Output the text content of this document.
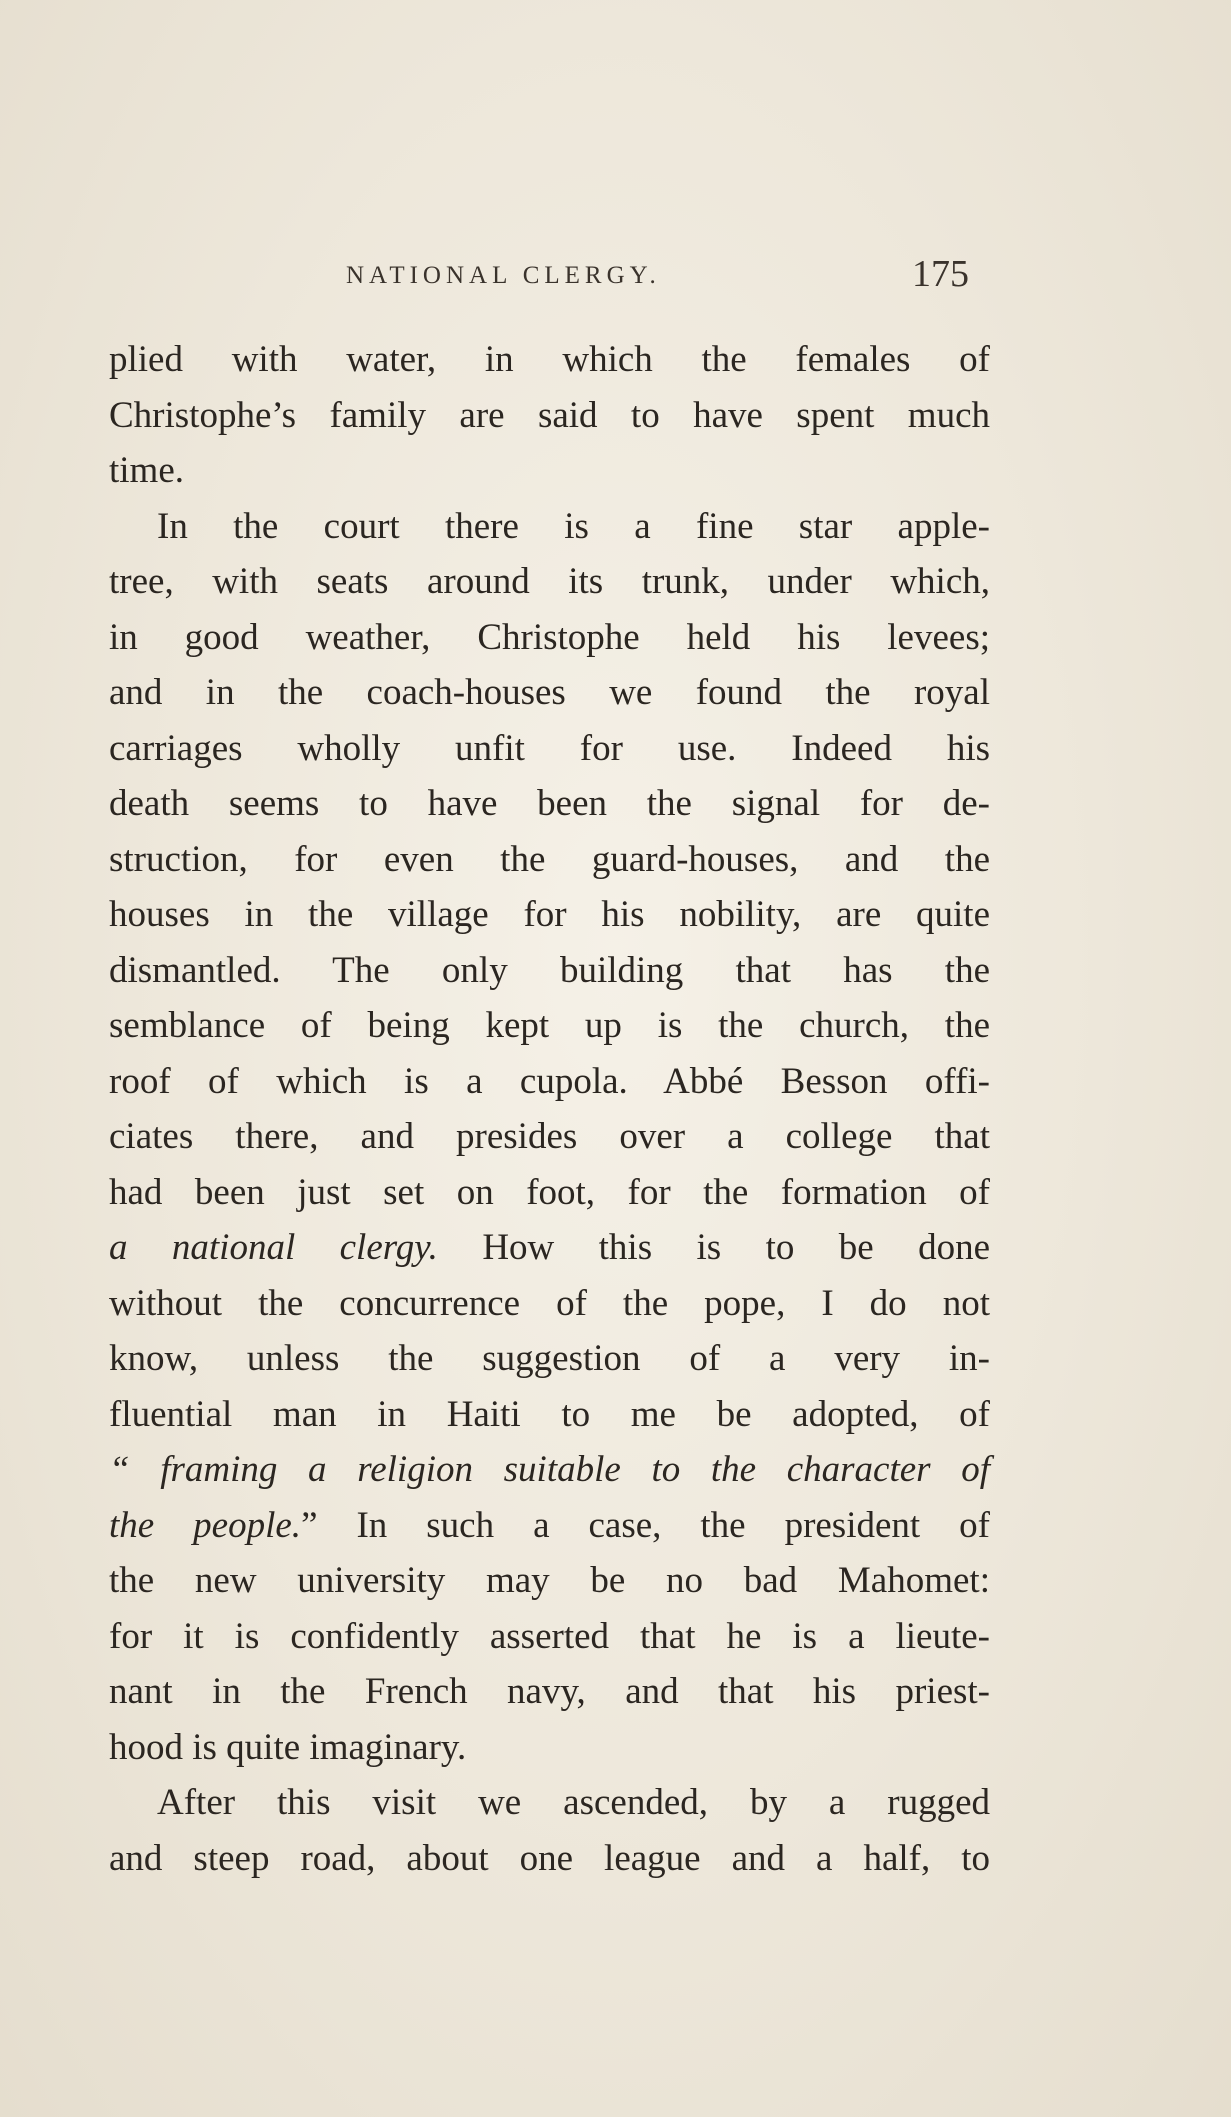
NATIONAL CLERGY.	175
plied with water, in which the females of
Christophe’s family are said to have spent much
time.
In the court there is a fine star apple-
tree, with seats around its trunk, under which,
in good weather, Christophe held his levees;
and in the coach-houses we found the royal
carriages wholly unfit for use. Indeed his
death seems to have been the signal for de-
struction, for even the guard-houses, and the
houses in the village for his nobility, are quite
dismantled. The only building that has the
semblance of being kept up is the church, the
roof of which is a cupola. Abbé Besson offi-
ciates there, and presides over a college that
had been just set on foot, for the formation of
a national clergy. How this is to be done
without the concurrence of the pope, I do not
know, unless the suggestion of a very in-
fluential man in Haiti to me be adopted, of
“ framing a religion suitable to the character of
the people.” In such a case, the president of
the new university may be no bad Mahomet:
for it is confidently asserted that he is a lieute-
nant in the French navy, and that his priest-
hood is quite imaginary.
After this visit we ascended, by a rugged
and steep road, about one league and a half, to
